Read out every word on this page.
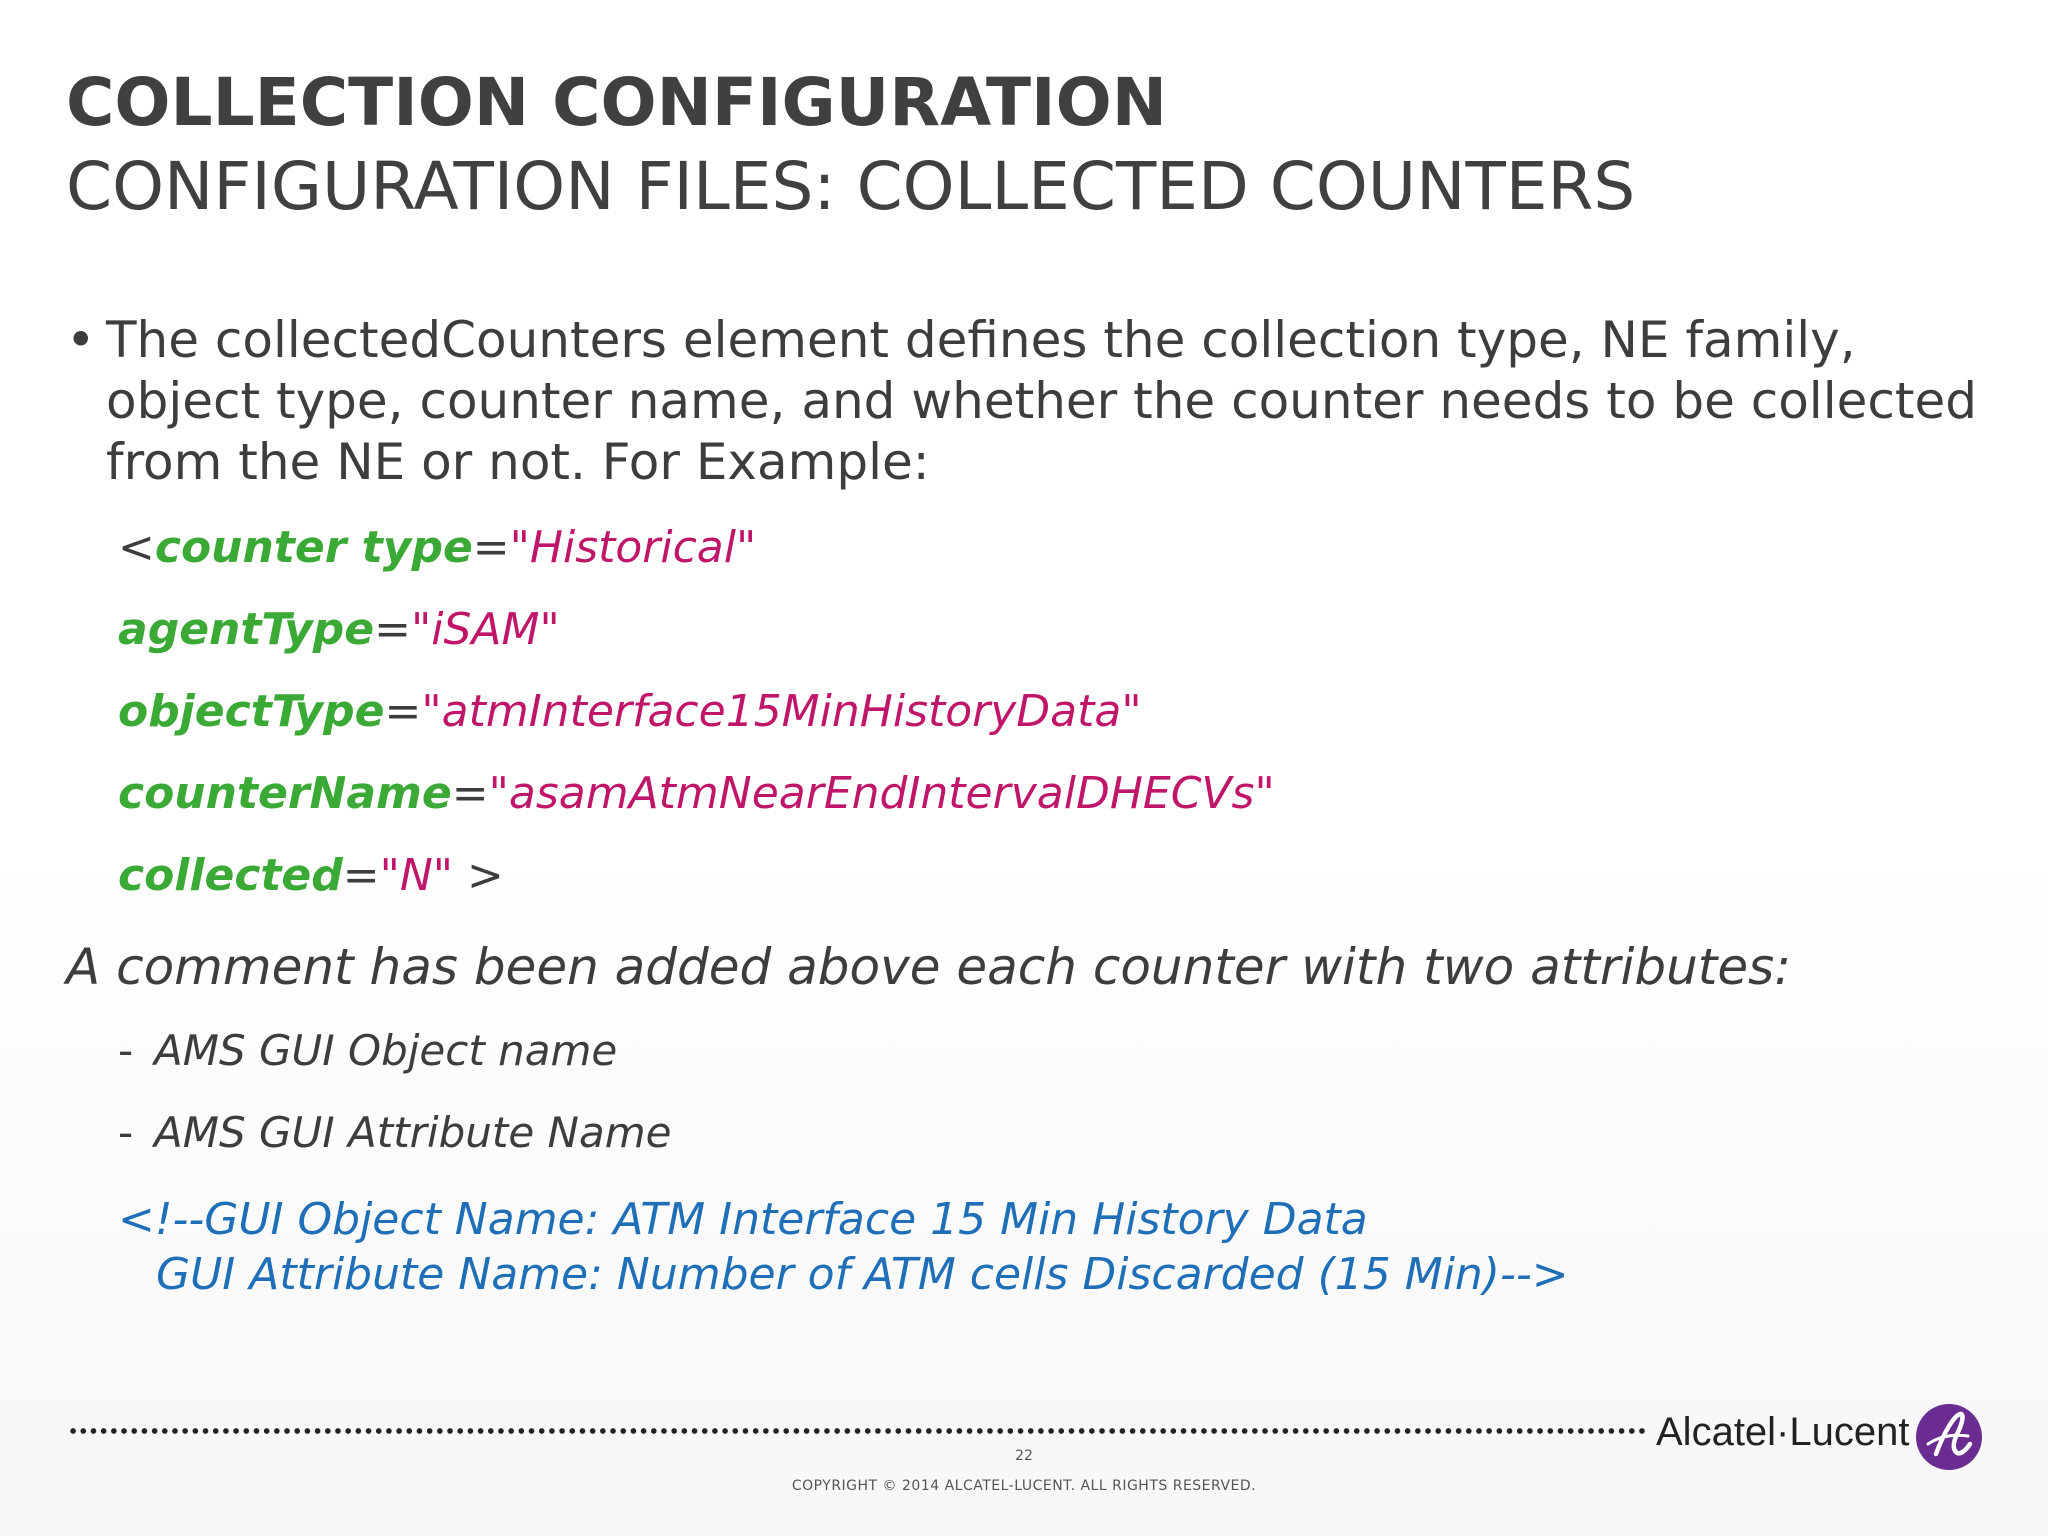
COLLECTION CONFIGURATION
CONFIGURATION FILES: COLLECTED COUNTERS
• The collectedCounters element defines the collection type, NE family, object type, counter name, and whether the counter needs to be collected from the NE or not. For Example:
<counter type="Historical"
agentType="iSAM"
objectType="atmInterface15MinHistoryData"
counterName="asamAtmNearEndIntervalDHECVs"
collected="N" >
A comment has been added above each counter with two attributes:
- AMS GUI Object name
- AMS GUI Attribute Name
<!--GUI Object Name: ATM Interface 15 Min History Data
GUI Attribute Name: Number of ATM cells Discarded (15 Min)-->
Alcatel·Lucent
22
COPYRIGHT © 2014 ALCATEL-LUCENT. ALL RIGHTS RESERVED.
